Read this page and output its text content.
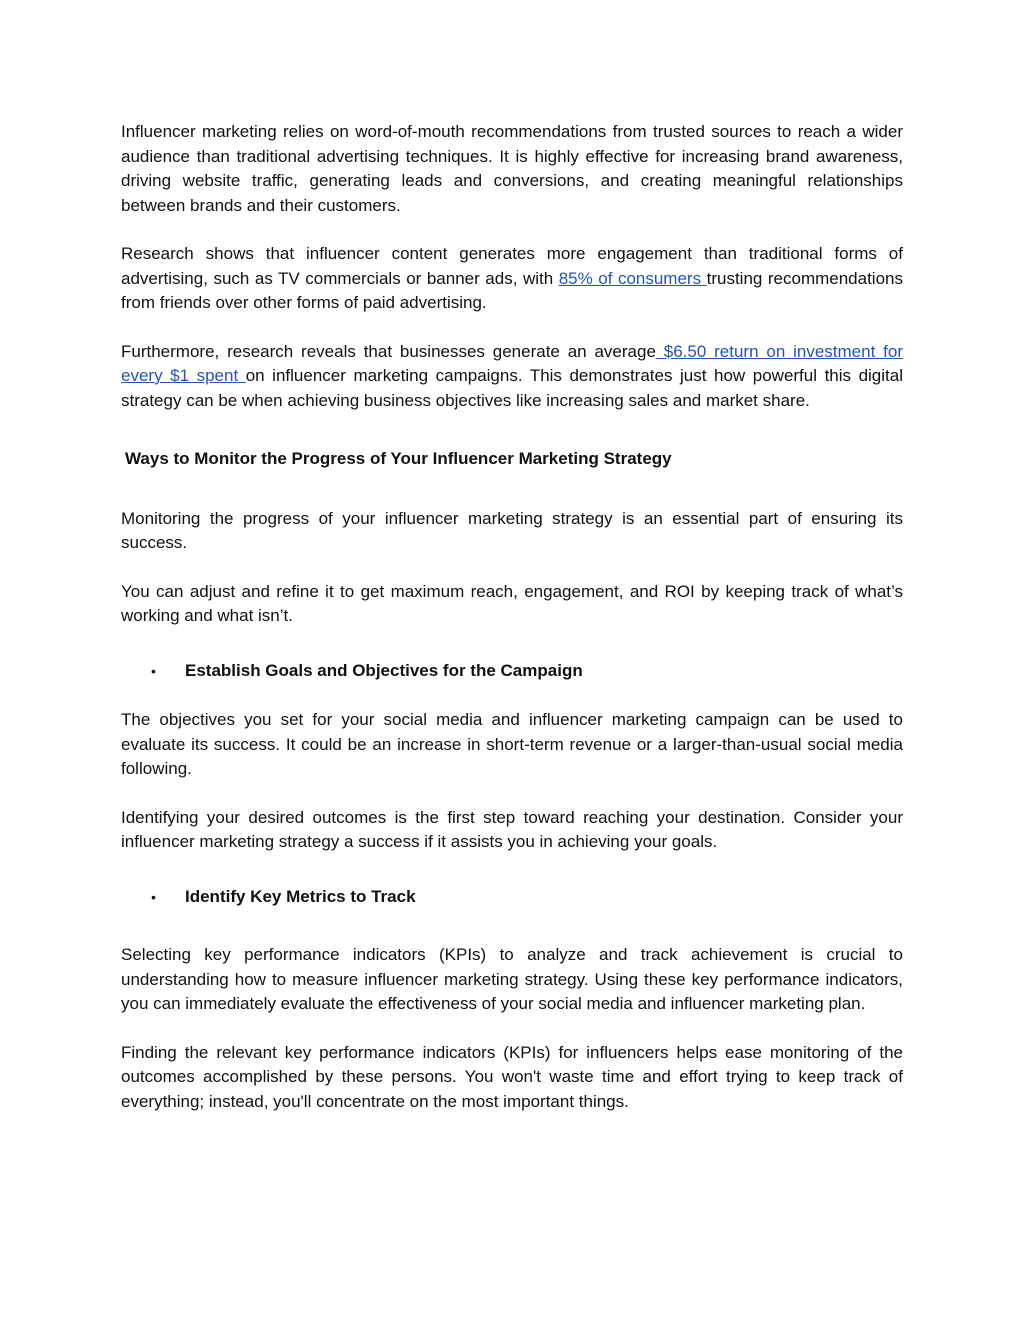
Influencer marketing relies on word-of-mouth recommendations from trusted sources to reach a wider audience than traditional advertising techniques. It is highly effective for increasing brand awareness, driving website traffic, generating leads and conversions, and creating meaningful relationships between brands and their customers.

Research shows that influencer content generates more engagement than traditional forms of advertising, such as TV commercials or banner ads, with 85% of consumers trusting recommendations from friends over other forms of paid advertising.

Furthermore, research reveals that businesses generate an average $6.50 return on investment for every $1 spent on influencer marketing campaigns. This demonstrates just how powerful this digital strategy can be when achieving business objectives like increasing sales and market share.

Ways to Monitor the Progress of Your Influencer Marketing Strategy

Monitoring the progress of your influencer marketing strategy is an essential part of ensuring its success.

You can adjust and refine it to get maximum reach, engagement, and ROI by keeping track of what’s working and what isn’t.

•	Establish Goals and Objectives for the Campaign

The objectives you set for your social media and influencer marketing campaign can be used to evaluate its success. It could be an increase in short-term revenue or a larger-than-usual social media following.

Identifying your desired outcomes is the first step toward reaching your destination. Consider your influencer marketing strategy a success if it assists you in achieving your goals.

•	Identify Key Metrics to Track

Selecting key performance indicators (KPIs) to analyze and track achievement is crucial to understanding how to measure influencer marketing strategy. Using these key performance indicators, you can immediately evaluate the effectiveness of your social media and influencer marketing plan.

Finding the relevant key performance indicators (KPIs) for influencers helps ease monitoring of the outcomes accomplished by these persons. You won't waste time and effort trying to keep track of everything; instead, you'll concentrate on the most important things.
